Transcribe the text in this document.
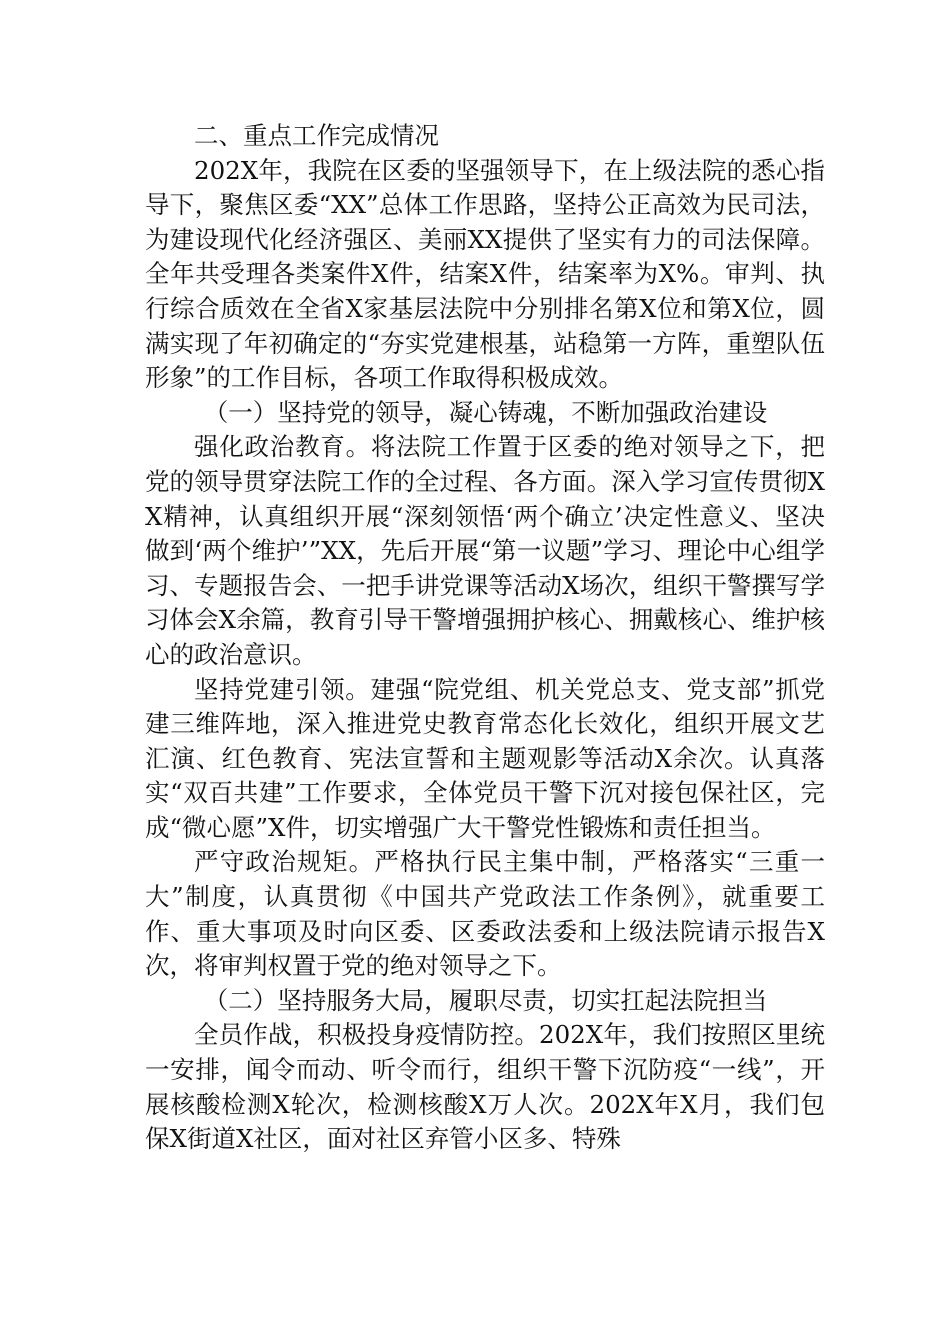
二、重点工作完成情况

202X年，我院在区委的坚强领导下，在上级法院的悉心指导下，聚焦区委“XX”总体工作思路，坚持公正高效为民司法，为建设现代化经济强区、美丽XX提供了坚实有力的司法保障。全年共受理各类案件X件，结案X件，结案率为X%。审判、执行综合质效在全省X家基层法院中分别排名第X位和第X位，圆满实现了年初确定的“夯实党建根基，站稳第一方阵，重塑队伍形象”的工作目标，各项工作取得积极成效。

（一）坚持党的领导，凝心铸魂，不断加强政治建设

强化政治教育。将法院工作置于区委的绝对领导之下，把党的领导贯穿法院工作的全过程、各方面。深入学习宣传贯彻XX精神，认真组织开展“深刻领悟‘两个确立’决定性意义、坚决做到‘两个维护’”XX，先后开展“第一议题”学习、理论中心组学习、专题报告会、一把手讲党课等活动X场次，组织干警撰写学习体会X余篇，教育引导干警增强拥护核心、拥戴核心、维护核心的政治意识。

坚持党建引领。建强“院党组、机关党总支、党支部”抓党建三维阵地，深入推进党史教育常态化长效化，组织开展文艺汇演、红色教育、宪法宣誓和主题观影等活动X余次。认真落实“双百共建”工作要求，全体党员干警下沉对接包保社区，完成“微心愿”X件，切实增强广大干警党性锻炼和责任担当。

严守政治规矩。严格执行民主集中制，严格落实“三重一大”制度，认真贯彻《中国共产党政法工作条例》，就重要工作、重大事项及时向区委、区委政法委和上级法院请示报告X次，将审判权置于党的绝对领导之下。

（二）坚持服务大局，履职尽责，切实扛起法院担当

全员作战，积极投身疫情防控。202X年，我们按照区里统一安排，闻令而动、听令而行，组织干警下沉防疫“一线”，开展核酸检测X轮次，检测核酸X万人次。202X年X月，我们包保X街道X社区，面对社区弃管小区多、特殊
